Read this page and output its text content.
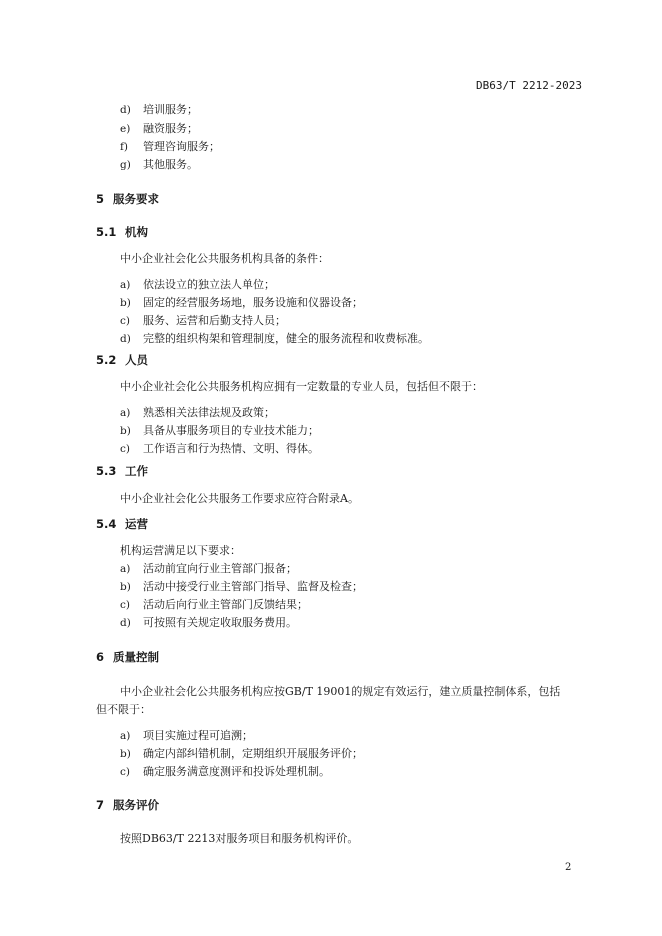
DB63/T 2212-2023
d) 培训服务；
e) 融资服务；
f) 管理咨询服务；
g) 其他服务。
5 服务要求
5.1 机构
中小企业社会化公共服务机构具备的条件：
a) 依法设立的独立法人单位；
b) 固定的经营服务场地，服务设施和仪器设备；
c) 服务、运营和后勤支持人员；
d) 完整的组织构架和管理制度，健全的服务流程和收费标准。
5.2 人员
中小企业社会化公共服务机构应拥有一定数量的专业人员，包括但不限于：
a) 熟悉相关法律法规及政策；
b) 具备从事服务项目的专业技术能力；
c) 工作语言和行为热情、文明、得体。
5.3 工作
中小企业社会化公共服务工作要求应符合附录A。
5.4 运营
机构运营满足以下要求：
a) 活动前宜向行业主管部门报备；
b) 活动中接受行业主管部门指导、监督及检查；
c) 活动后向行业主管部门反馈结果；
d) 可按照有关规定收取服务费用。
6 质量控制
中小企业社会化公共服务机构应按GB/T 19001的规定有效运行，建立质量控制体系，包括
但不限于：
a) 项目实施过程可追溯；
b) 确定内部纠错机制，定期组织开展服务评价；
c) 确定服务满意度测评和投诉处理机制。
7 服务评价
按照DB63/T 2213对服务项目和服务机构评价。
2
